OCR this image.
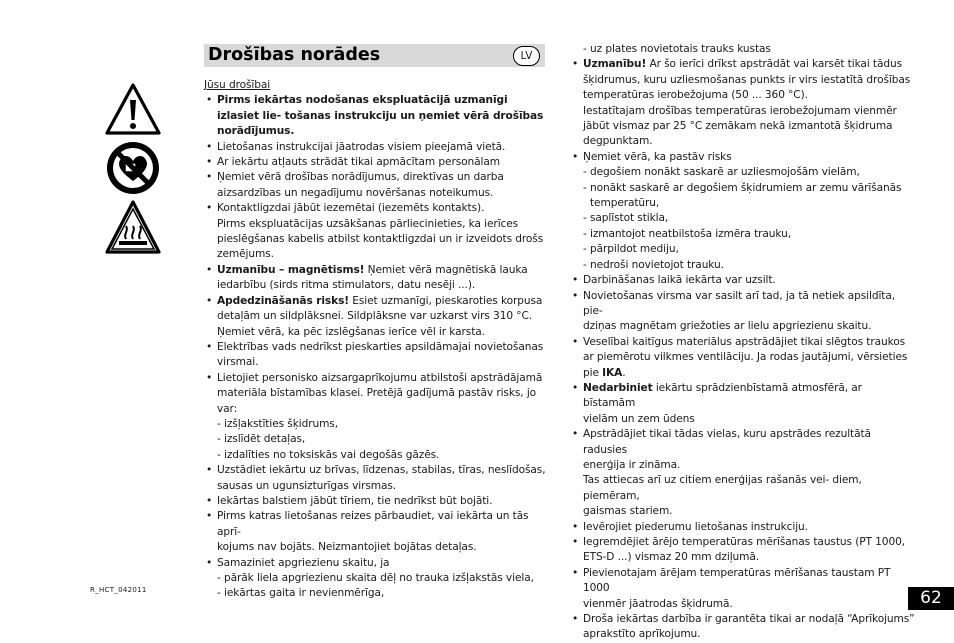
Drošības norādes	LV

Jūsu drošībai

• Pirms iekārtas nodošanas ekspluatācijā uzmanīgi
izlasiet lie- tošanas instrukciju un ņemiet vērā drošības
norādījumus.
• Lietošanas instrukcijai jāatrodas visiem pieejamā vietā.
• Ar iekārtu atļauts strādāt tikai apmācītam personālam
• Ņemiet vērā drošības norādījumus, direktīvas un darba
aizsardzības un negadījumu novēršanas noteikumus.
• Kontaktligzdai jābūt iezemētai (iezemēts kontakts).
Pirms ekspluatācijas uzsākšanas pārliecinieties, ka ierīces
pieslēgšanas kabelis atbilst kontaktligzdai un ir izveidots drošs
zemējums.
• Uzmanību – magnētisms! Ņemiet vērā magnētiskā lauka
iedarbību (sirds ritma stimulators, datu nesēji ...).
• Apdedzināšanās risks! Esiet uzmanīgi, pieskaroties korpusa
detaļām un sildplāksnei. Sildplāksne var uzkarst virs 310 °C.
Ņemiet vērā, ka pēc izslēgšanas ierīce vēl ir karsta.
• Elektrības vads nedrīkst pieskarties apsildāmajai novietošanas
virsmai.
• Lietojiet personisko aizsargaprīkojumu atbilstoši apstrādājamā
materiāla bīstamības klasei. Pretējā gadījumā pastāv risks, jo
var:
- izšļakstīties šķidrums,
- izslīdēt detaļas,
- izdalīties no toksiskās vai degošās gāzēs.
• Uzstādiet iekārtu uz brīvas, līdzenas, stabilas, tīras, neslīdošas,
sausas un ugunsizturīgas virsmas.
• Iekārtas balstiem jābūt tīriem, tie nedrīkst būt bojāti.
• Pirms katras lietošanas reizes pārbaudiet, vai iekārta un tās aprī-
kojums nav bojāts. Neizmantojiet bojātas detaļas.
• Samaziniet apgriezienu skaitu, ja
- pārāk liela apgriezienu skaita dēļ no trauka izšļakstās viela,
- iekārtas gaita ir nevienmērīga,

- uz plates novietotais trauks kustas

• Uzmanību! Ar šo ierīci drīkst apstrādāt vai karsēt tikai tādus
šķidrumus, kuru uzliesmošanas punkts ir virs iestatītā drošības
temperatūras ierobežojuma (50 ... 360 °C).
Iestatītajam drošības temperatūras ierobežojumam vienmēr
jābūt vismaz par 25 °C zemākam nekā izmantotā šķidruma
degpunktam.
• Ņemiet vērā, ka pastāv risks
- degošiem nonākt saskarē ar uzliesmojošām vielām,
- nonākt saskarē ar degošiem šķidrumiem ar zemu vārīšanās
temperatūru,
- saplīstot stikla,
- izmantojot neatbilstoša izmēra trauku,
- pārpildot mediju,
- nedroši novietojot trauku.
• Darbināšanas laikā iekārta var uzsilt.
• Novietošanas virsma var sasilt arī tad, ja tā netiek apsildīta, pie-
dziņas magnētam griežoties ar lielu apgriezienu skaitu.
• Veselībai kaitīgus materiālus apstrādājiet tikai slēgtos traukos
ar piemērotu vilkmes ventilāciju. Ja rodas jautājumi, vērsieties
pie IKA.
• Nedarbiniet iekārtu sprādzienbīstamā atmosfērā, ar bīstamām
vielām un zem ūdens
• Apstrādājiet tikai tādas vielas, kuru apstrādes rezultātā radusies
enerģija ir zināma.
Tas attiecas arī uz citiem enerģijas rašanās vei- diem, piemēram,
gaismas stariem.
• Ievērojiet piederumu lietošanas instrukciju.
• Iegremdējiet ārējo temperatūras mērīšanas taustus (PT 1000,
ETS-D ...) vismaz 20 mm dziļumā.
• Pievienotajam ārējam temperatūras mērīšanas taustam PT 1000
vienmēr jāatrodas šķidrumā.
• Droša iekārtas darbība ir garantēta tikai ar nodaļā “Aprīkojums”
aprakstīto aprīkojumu.
R_HCT_042011	62
